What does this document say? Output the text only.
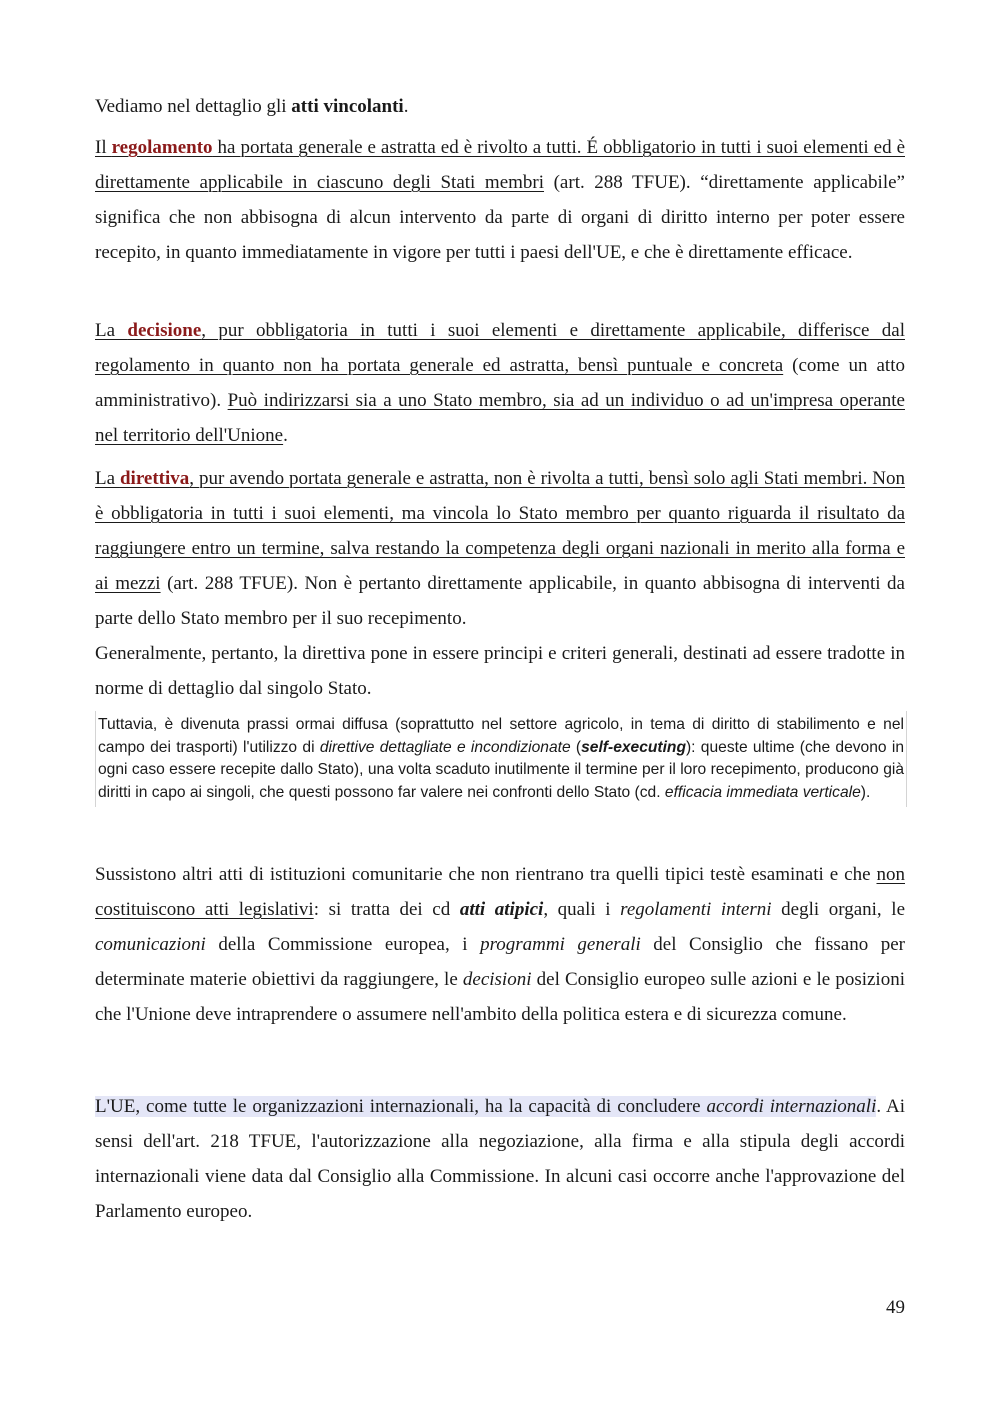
Vediamo nel dettaglio gli atti vincolanti.

Il regolamento ha portata generale e astratta ed è rivolto a tutti. É obbligatorio in tutti i suoi elementi ed è direttamente applicabile in ciascuno degli Stati membri (art. 288 TFUE). “direttamente applicabile” significa che non abbisogna di alcun intervento da parte di organi di diritto interno per poter essere recepito, in quanto immediatamente in vigore per tutti i paesi dell'UE, e che è direttamente efficace.

La decisione, pur obbligatoria in tutti i suoi elementi e direttamente applicabile, differisce dal regolamento in quanto non ha portata generale ed astratta, bensì puntuale e concreta (come un atto amministrativo). Può indirizzarsi sia a uno Stato membro, sia ad un individuo o ad un'impresa operante nel territorio dell'Unione.

La direttiva, pur avendo portata generale e astratta, non è rivolta a tutti, bensì solo agli Stati membri. Non è obbligatoria in tutti i suoi elementi, ma vincola lo Stato membro per quanto riguarda il risultato da raggiungere entro un termine, salva restando la competenza degli organi nazionali in merito alla forma e ai mezzi (art. 288 TFUE). Non è pertanto direttamente applicabile, in quanto abbisogna di interventi da parte dello Stato membro per il suo recepimento.
Generalmente, pertanto, la direttiva pone in essere principi e criteri generali, destinati ad essere tradotte in norme di dettaglio dal singolo Stato.

Tuttavia, è divenuta prassi ormai diffusa (soprattutto nel settore agricolo, in tema di diritto di stabilimento e nel campo dei trasporti) l'utilizzo di direttive dettagliate e incondizionate (self-executing): queste ultime (che devono in ogni caso essere recepite dallo Stato), una volta scaduto inutilmente il termine per il loro recepimento, producono già diritti in capo ai singoli, che questi possono far valere nei confronti dello Stato (cd. efficacia immediata verticale).

Sussistono altri atti di istituzioni comunitarie che non rientrano tra quelli tipici testè esaminati e che non costituiscono atti legislativi: si tratta dei cd atti atipici, quali i regolamenti interni degli organi, le comunicazioni della Commissione europea, i programmi generali del Consiglio che fissano per determinate materie obiettivi da raggiungere, le decisioni del Consiglio europeo sulle azioni e le posizioni che l'Unione deve intraprendere o assumere nell'ambito della politica estera e di sicurezza comune.

L'UE, come tutte le organizzazioni internazionali, ha la capacità di concludere accordi internazionali. Ai sensi dell'art. 218 TFUE, l'autorizzazione alla negoziazione, alla firma e alla stipula degli accordi internazionali viene data dal Consiglio alla Commissione. In alcuni casi occorre anche l'approvazione del Parlamento europeo.

49
